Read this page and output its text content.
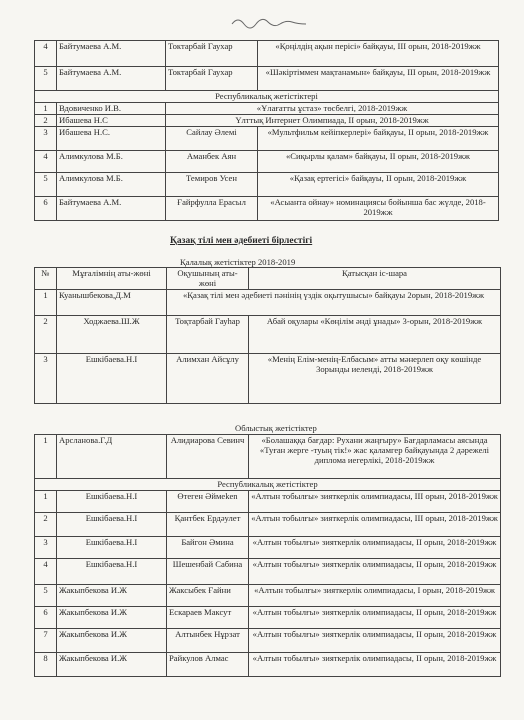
4	Байтумаева А.М.	Токтарбай Гаухар	«Қоңілдің ақын перісі» байқауы, III орын, 2018-2019жж
5	Байтумаева А.М.	Токтарбай Гаухар	«Шәкіртіммен мақтанамын» байқауы, III орын, 2018-2019жж
Республикалық жетістіктері			
1	Вдовиченко И.В.	«Ұлағатты ұстаз» төсбелгі, 2018-2019жж	
2	Ибашева Н.С	Үлттық Интернет Олимпиада, II орын, 2018-2019жж	
3	Ибашева Н.С.	Сайлау Әлемі	«Мультфильм кейіпкерлері» байқауы, II орын, 2018-2019жж
4	Алимкулова М.Б.	Аманбек Аян	«Сиқырлы қалам» байқауы, II орын, 2018-2019жж
5	Алимкулова М.Б.	Темиров Усен	«Қазақ ертегісі» байқауы, II орын, 2018-2019жж
6	Байтумаева А.М.	Ғайрфулла Ерасыл	«Асыанта ойнау» номинациясы бойынша бас жүлде, 2018-2019жж
Қазақ тілі мен әдебиеті бірлестігі
Қалалық жетістіктер 2018-2019
№	Мұғалімнің аты-жөні	Оқушының аты-жөні	Қатысқан іс-шара
1	Куанышбекова,Д.М	«Қазақ тілі мен әдебиеті пәнінің үздік оқытушысы» байқауы 2орын, 2018-2019жж	
2	Ходжаева.Ш.Ж	Тоқтарбай Гауһар	Абай оқулары «Көңілім әнді ұнады» 3-орын, 2018-2019жж
3	Ешкібаева.Н.І	Алимхан Айсұлу	«Менің Елім-менің-Елбасым» атты мәнерлеп оқу көшінде 3орынды иеленді, 2018-2019жж
Облыстық жетістіктер
1	Арсланова.Г.Д	Алидиарова Севинч	«Болашаққа бағдар: Рухани жаңғыру» Бағдарламасы аясында «Туған жерге -туың тік!» жас қаламгер байқауында 2 дәрежелі диплома иегерлікі, 2018-2019жж
Республикалық жетістіктер			
1	Ешкібаева.Н.І	Өтеген Әймеken	«Алтын тобылғы» зияткерлік олимпиадасы, III орын, 2018-2019жж
2	Ешкібаева.Н.І	Қантбек Ердәулет	«Алтын тобылғы» зияткерлік олимпиадасы, III орын, 2018-2019жж
3	Ешкібаева.Н.І	Байгон Әмина	«Алтын тобылғы» зияткерлік олимпиадасы, II орын, 2018-2019жж
4	Ешкібаева.Н.І	Шешенбай Сабина	«Алтын тобылғы» зияткерлік олимпиадасы, II орын, 2018-2019жж
5	Жакыпбекова И.Ж	Жаксыбек Ғайни	«Алтын тобылғы» зияткерлік олимпиадасы, I орын, 2018-2019жж
6	Жакыпбекова И.Ж	Ескараев Максут	«Алтын тобылғы» зияткерлік олимпиадасы, II орын, 2018-2019жж
7	Жакыпбекова И.Ж	Алтынбек Нұрзат	«Алтын тобылғы» зияткерлік олимпиадасы, II орын, 2018-2019жж
8	Жакыпбекова И.Ж	Райкулов Алмас	«Алтын тобылғы» зияткерлік олимпиадасы, II орын, 2018-2019жж
